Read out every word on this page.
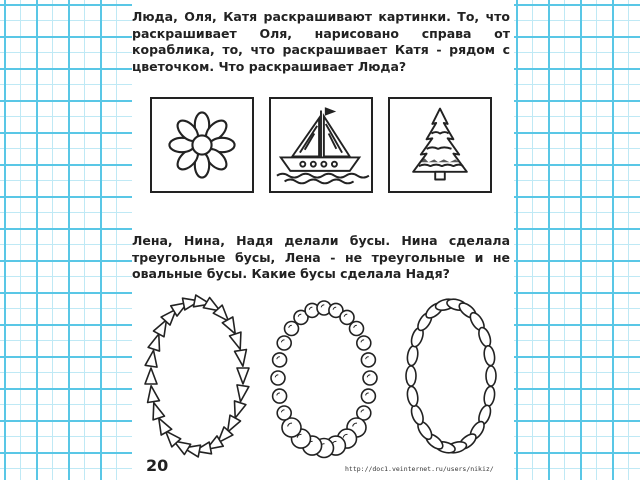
Люда, Оля, Катя раскрашивают картинки. То, что раскрашивает Оля, нарисовано справа от кораблика, то, что раскрашивает Катя - рядом с цветочком. Что раскрашивает Люда?
Лена, Нина, Надя делали бусы. Нина сделала треугольные бусы, Лена - не треугольные и не овальные бусы. Какие бусы сделала Надя?
20	http://doc1.veinternet.ru/users/nikiz/
